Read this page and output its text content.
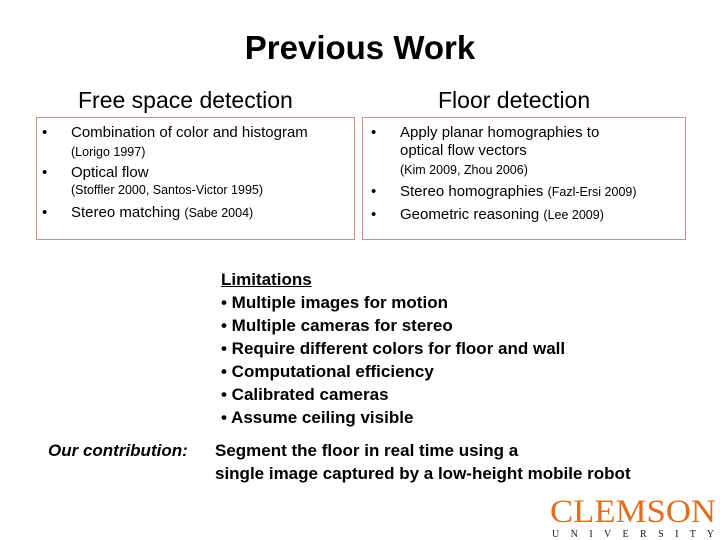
Previous Work
Free space detection
• Combination of color and histogram
(Lorigo 1997)
• Optical flow
(Stoffler 2000, Santos-Victor 1995)
• Stereo matching (Sabe 2004)
Floor detection
• Apply planar homographies to
optical flow vectors
(Kim 2009, Zhou 2006)
• Stereo homographies (Fazl-Ersi 2009)
• Geometric reasoning (Lee 2009)
Limitations
• Multiple images for motion
• Multiple cameras for stereo
• Require different colors for floor and wall
• Computational efficiency
• Calibrated cameras
• Assume ceiling visible
Our contribution: Segment the floor in real time using a
single image captured by a low-height mobile robot
CLEMSON
U N I V E R S I T Y
